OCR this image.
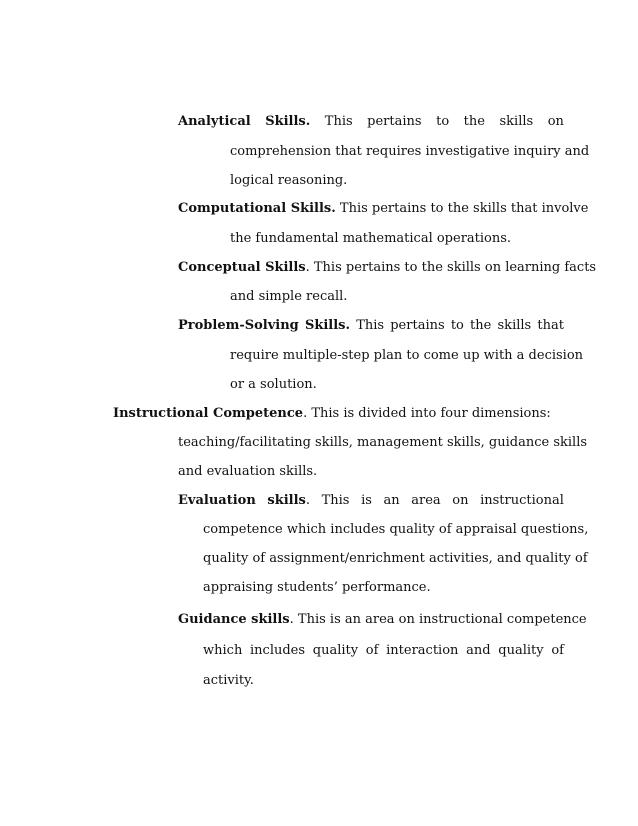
Analytical Skills. This pertains to the skills on
comprehension that requires investigative inquiry and
logical reasoning.
Computational Skills. This pertains to the skills that involve
the fundamental mathematical operations.
Conceptual Skills. This pertains to the skills on learning facts
and simple recall.
Problem-Solving Skills. This pertains to the skills that
require multiple-step plan to come up with a decision
or a solution.
Instructional Competence. This is divided into four dimensions:
teaching/facilitating skills, management skills, guidance skills
and evaluation skills.
Evaluation skills. This is an area on instructional
competence which includes quality of appraisal questions,
quality of assignment/enrichment activities, and quality of
appraising students’ performance.
Guidance skills. This is an area on instructional competence
which includes quality of interaction and quality of
activity.
